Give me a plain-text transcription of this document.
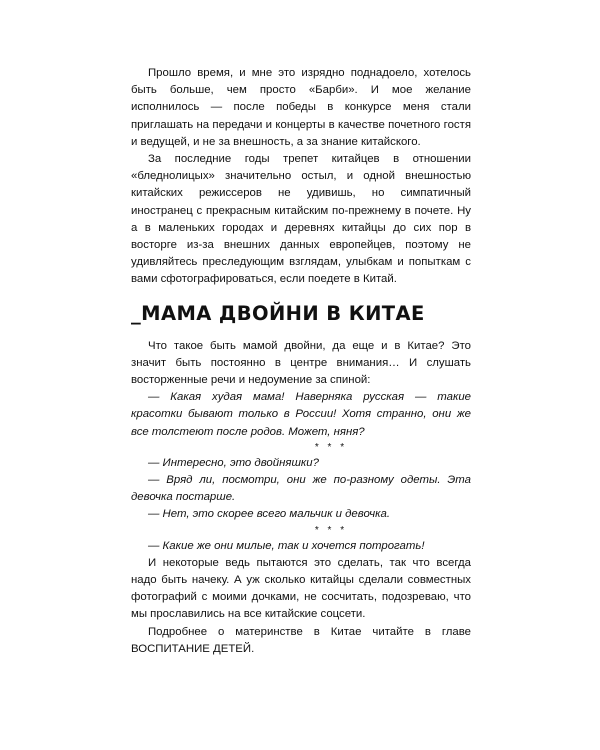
Прошло время, и мне это изрядно поднадоело, хотелось быть больше, чем просто «Барби». И мое желание исполнилось — после победы в конкурсе меня стали приглашать на передачи и концерты в качестве почетного гостя и ведущей, и не за внешность, а за знание китайского.

За последние годы трепет китайцев в отношении «бледнолицых» значительно остыл, и одной внешностью китайских режиссеров не удивишь, но симпатичный иностранец с прекрасным китайским по-прежнему в почете. Ну а в маленьких городах и деревнях китайцы до сих пор в восторге из-за внешних данных европейцев, поэтому не удивляйтесь преследующим взглядам, улыбкам и попыткам с вами сфотографироваться, если поедете в Китай.

_МАМА ДВОЙНИ В КИТАЕ

Что такое быть мамой двойни, да еще и в Китае? Это значит быть постоянно в центре внимания… И слушать восторженные речи и недоумение за спиной:

— Какая худая мама! Наверняка русская — такие красотки бывают только в России! Хотя странно, они же все толстеют после родов. Может, няня?

* * *

— Интересно, это двойняшки?

— Вряд ли, посмотри, они же по-разному одеты. Эта девочка постарше.

— Нет, это скорее всего мальчик и девочка.

* * *

— Какие же они милые, так и хочется потрогать!

И некоторые ведь пытаются это сделать, так что всегда надо быть начеку. А уж сколько китайцы сделали совместных фотографий с моими дочками, не сосчитать, подозреваю, что мы прославились на все китайские соцсети.

Подробнее о материнстве в Китае читайте в главе ВОСПИТАНИЕ ДЕТЕЙ.
